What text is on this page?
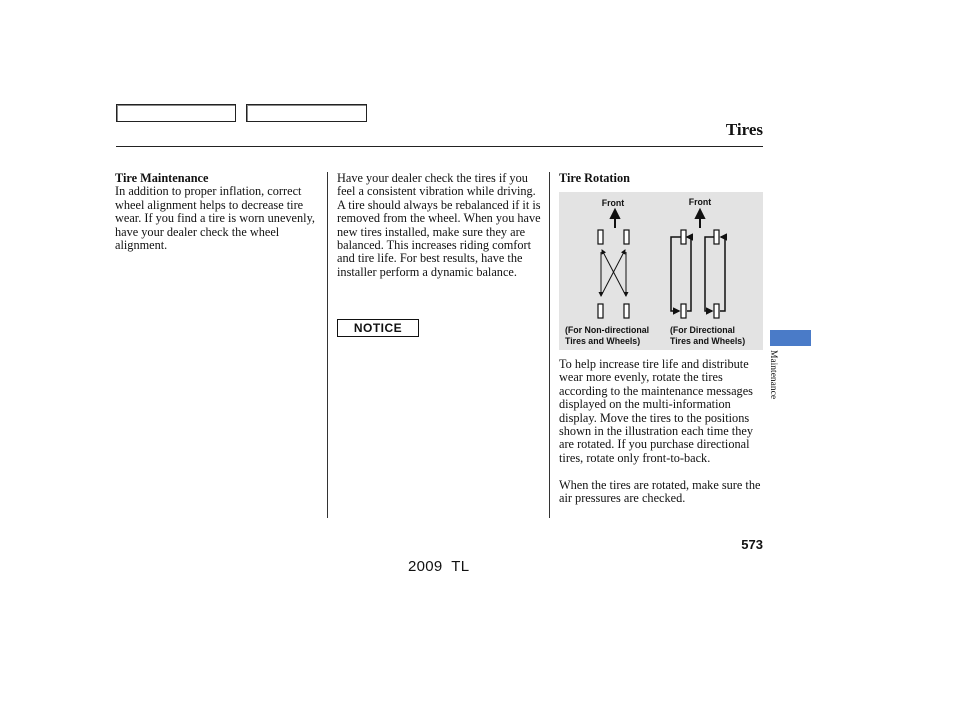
Tires
Tire Maintenance

In addition to proper inflation, correct wheel alignment helps to decrease tire wear. If you find a tire is worn unevenly, have your dealer check the wheel alignment.

Have your dealer check the tires if you feel a consistent vibration while driving. A tire should always be rebalanced if it is removed from the wheel. When you have new tires installed, make sure they are balanced. This increases riding comfort and tire life. For best results, have the installer perform a dynamic balance.

NOTICE
Tire Rotation
Front
(For Non-directional
Tires and Wheels)
Front
(For Directional
Tires and Wheels)

To help increase tire life and distribute wear more evenly, rotate the tires according to the maintenance messages displayed on the multi-information display. Move the tires to the positions shown in the illustration each time they are rotated. If you purchase directional tires, rotate only front-to-back.

When the tires are rotated, make sure the air pressures are checked.

Maintenance
573
2009  TL
